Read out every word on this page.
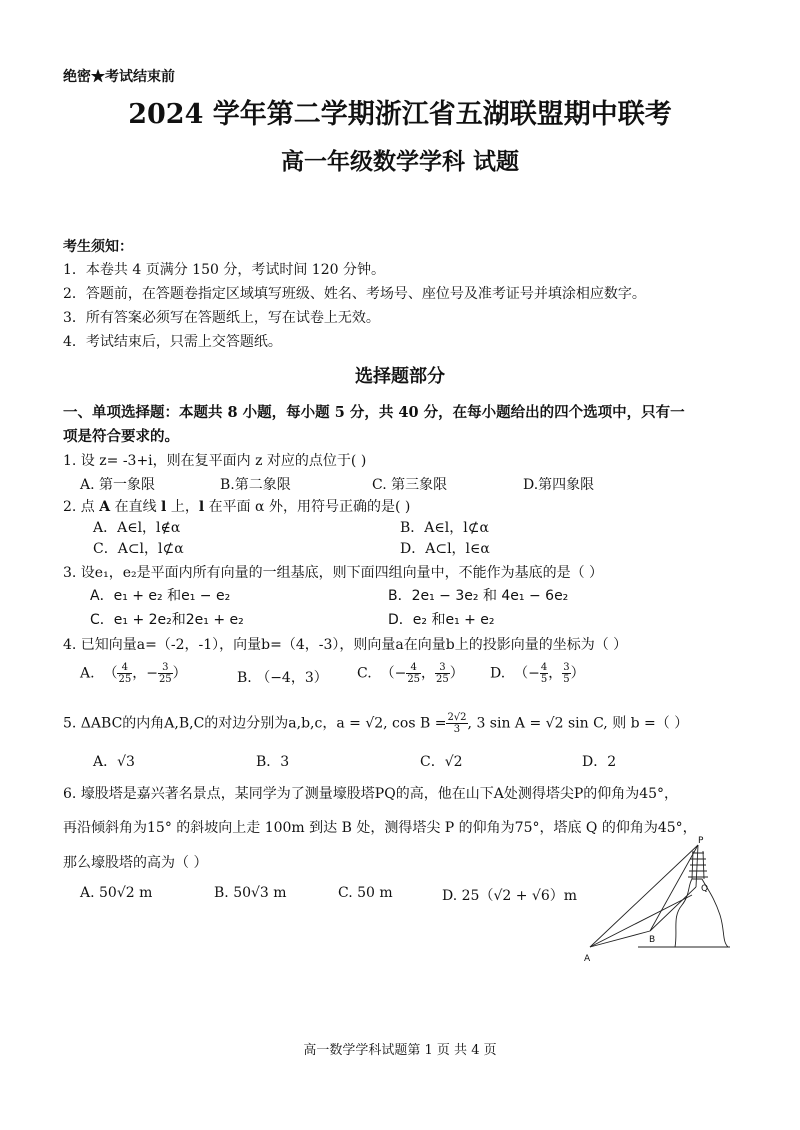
绝密★考试结束前
2024 学年第二学期浙江省五湖联盟期中联考
高一年级数学学科 试题
考生须知：
1．本卷共 4 页满分 150 分，考试时间 120 分钟。
2．答题前，在答题卷指定区域填写班级、姓名、考场号、座位号及准考证号并填涂相应数字。
3．所有答案必须写在答题纸上，写在试卷上无效。
4．考试结束后，只需上交答题纸。
选择题部分
一、单项选择题：本题共 8 小题，每小题 5 分，共 40 分，在每小题给出的四个选项中，只有一
项是符合要求的。
1. 设 z= -3+i，则在复平面内 z 对应的点位于( )
A. 第一象限	B.第二象限	C. 第三象限	D.第四象限
2. 点 A 在直线 l 上，l 在平面 α 外，用符号正确的是( )
A．A∈l，l∉α	B．A∈l，l⊄α
C．A⊂l，l⊄α	D．A⊂l，l∈α
3. 设e₁，e₂是平面内所有向量的一组基底，则下面四组向量中，不能作为基底的是（ ）
A．e₁ + e₂ 和e₁ − e₂	B．2e₁ − 3e₂ 和 4e₁ − 6e₂
C．e₁ + 2e₂和2e₁ + e₂	D．e₂ 和e₁ + e₂
4. 已知向量a=（-2，-1），向量b=（4，-3），则向量a在向量b上的投影向量的坐标为（ ）
A.  （ $\frac{4}{25}$ ，− $\frac{3}{25}$ ）	B. （−4，3） C.  （− $\frac{4}{25}$ ， $\frac{3}{25}$ ） D.  （− $\frac{4}{5}$ ， $\frac{3}{5}$ ）
5. ΔABC的内角A,B,C的对边分别为a,b,c，a = √2, $\cos B = \frac{2√2}{3}$ , 3 sin A = √2 sin C, 则 b =（ ）
A．√3	B．3	C．√2	D．2
6. 壕股塔是嘉兴著名景点，某同学为了测量壕股塔PQ的高，他在山下A处测得塔尖P的仰角为45°，
再沿倾斜角为15° 的斜坡向上走 100m 到达 B 处，测得塔尖 P 的仰角为75°，塔底 Q 的仰角为45°，
那么壕股塔的高为（ ）
A. 50√2 m	B. 50√3 m	C. 50 m	D. 25（√2 + √6）m
P
Q
B
A
高一数学学科试题第 1 页 共 4 页
